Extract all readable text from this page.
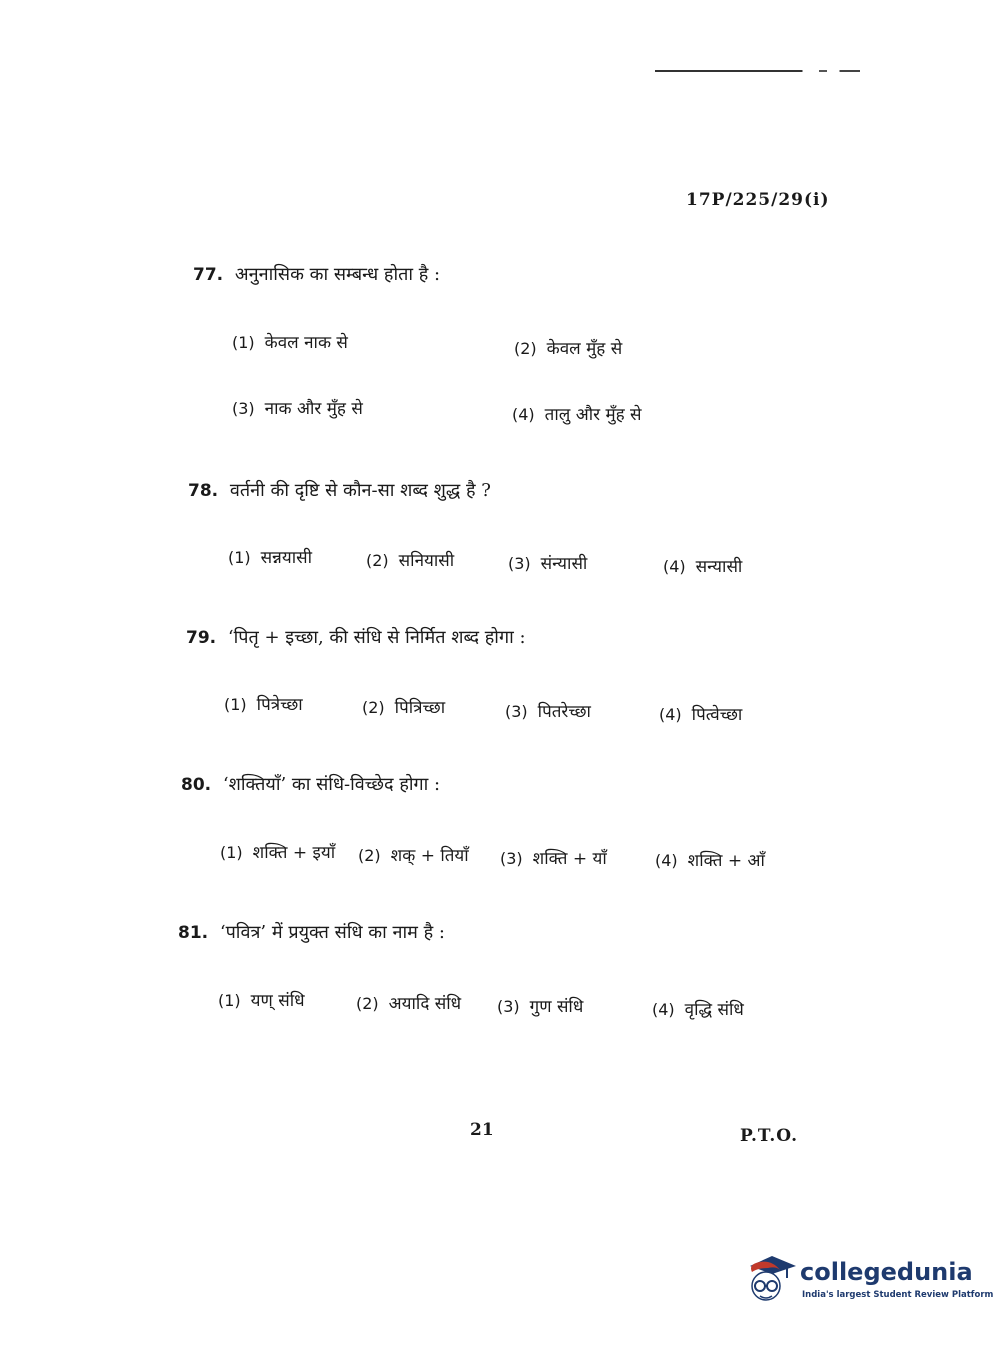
17P/225/29(i)
77. अनुनासिक का सम्बन्ध होता है :
(1) केवल नाक से	(2) केवल मुँह से
(3) नाक और मुँह से	(4) तालु और मुँह से
78. वर्तनी की दृष्टि से कौन-सा शब्द शुद्ध है ?
(1) सन्नयासी	(2) सनियासी	(3) संन्यासी	(4) सन्यासी
79. ‘पितृ + इच्छा, की संधि से निर्मित शब्द होगा :
(1) पित्रेच्छा	(2) पित्रिच्छा	(3) पितरेच्छा	(4) पित्वेच्छा
80. ‘शक्तियाँ’ का संधि-विच्छेद होगा :
(1) शक्ति + इयाँ (2) शक् + तियाँ (3) शक्ति + याँ	(4) शक्ति + आँ
81. ‘पवित्र’ में प्रयुक्त संधि का नाम है :
(1) यण् संधि	(2) अयादि संधि (3) गुण संधि	(4) वृद्धि संधि
21	P.T.O.
collegedunia
India's largest Student Review Platform
